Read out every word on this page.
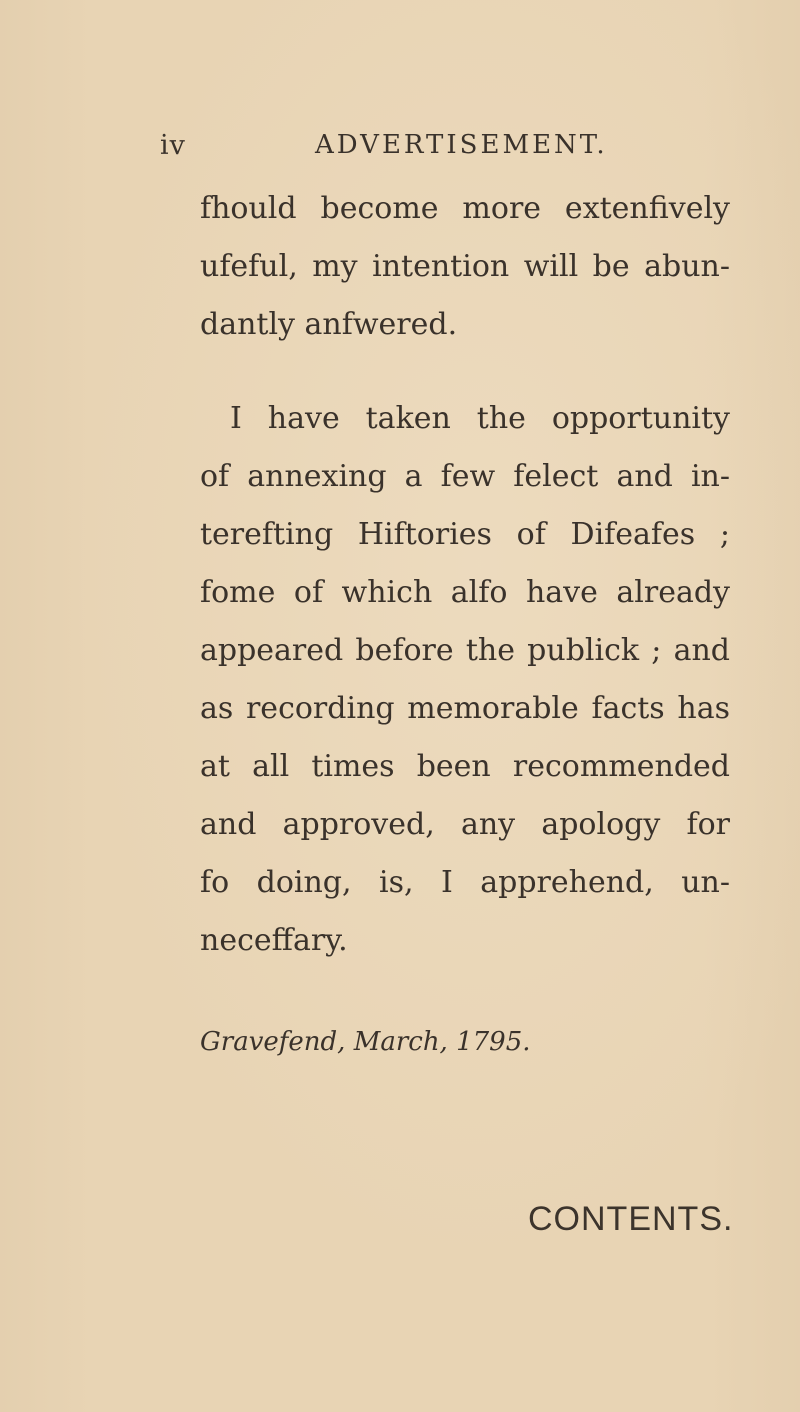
iv	ADVERTISEMENT.
fhould become more extenfively
ufeful, my intention will be abun-
dantly anfwered.
I have taken the opportunity
of annexing a few felect and in-
terefting Hiftories of Difeafes ;
fome of which alfo have already
appeared before the publick ; and
as recording memorable facts has
at all times been recommended
and approved, any apology for
fo doing, is, I apprehend, un-
neceffary.
Gravefend, March, 1795.
CONTENTS.
